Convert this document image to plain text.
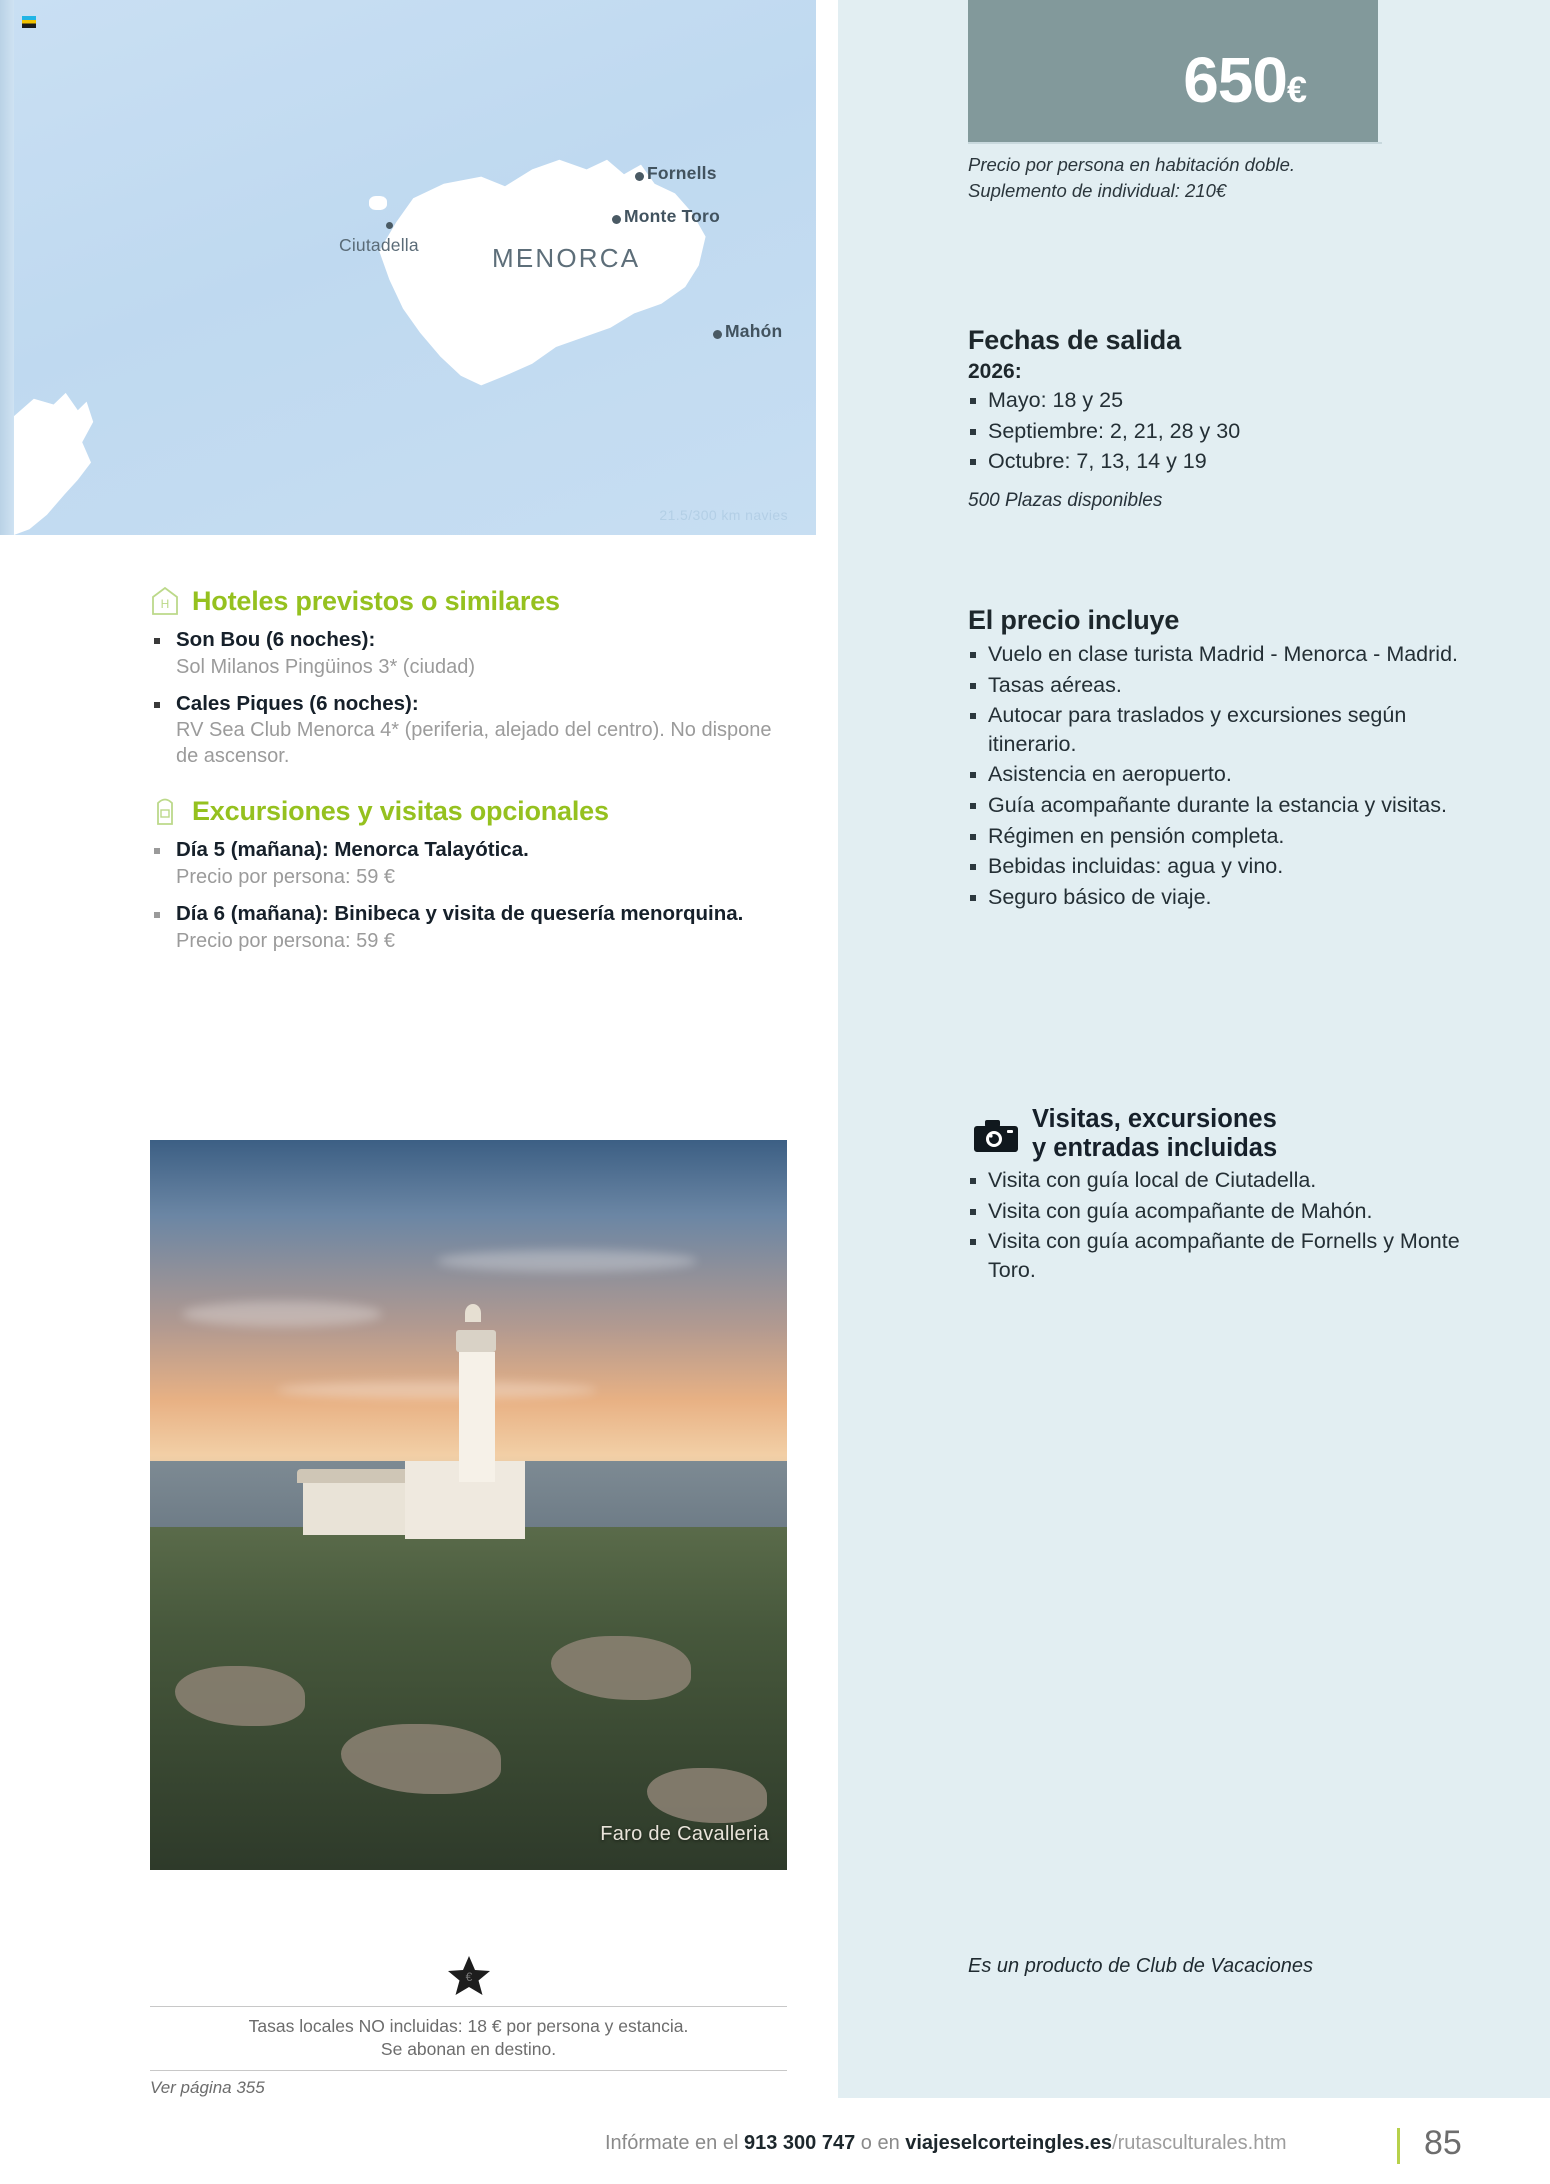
Fornells
Monte Toro
Ciutadella
Mahón
MENORCA
21.5/300 km navies
650€
Precio por persona en habitación doble.
Suplemento de individual: 210€
Fechas de salida
2026:
Mayo: 18 y 25
Septiembre: 2, 21, 28 y 30
Octubre: 7, 13, 14 y 19
500 Plazas disponibles
El precio incluye
Vuelo en clase turista Madrid - Menorca - Madrid.
Tasas aéreas.
Autocar para traslados y excursiones según itinerario.
Asistencia en aeropuerto.
Guía acompañante durante la estancia y visitas.
Régimen en pensión completa.
Bebidas incluidas: agua y vino.
Seguro básico de viaje.
Visitas, excursiones
y entradas incluidas
Visita con guía local de Ciutadella.
Visita con guía acompañante de Mahón.
Visita con guía acompañante de Fornells y Monte Toro.
Es un producto de Club de Vacaciones
H Hoteles previstos o similares
Son Bou (6 noches):
Sol Milanos Pingüinos 3* (ciudad)
Cales Piques (6 noches):
RV Sea Club Menorca 4* (periferia, alejado del centro). No dispone de ascensor.
Excursiones y visitas opcionales
Día 5 (mañana): Menorca Talayótica.
Precio por persona: 59 €
Día 6 (mañana): Binibeca y visita de quesería menorquina.
Precio por persona: 59 €
Faro de Cavalleria
€
Tasas locales NO incluidas: 18 € por persona y estancia.
Se abonan en destino.
Ver página 355
Infórmate en el 913 300 747 o en viajeselcorteingles.es/rutasculturales.htm	85
